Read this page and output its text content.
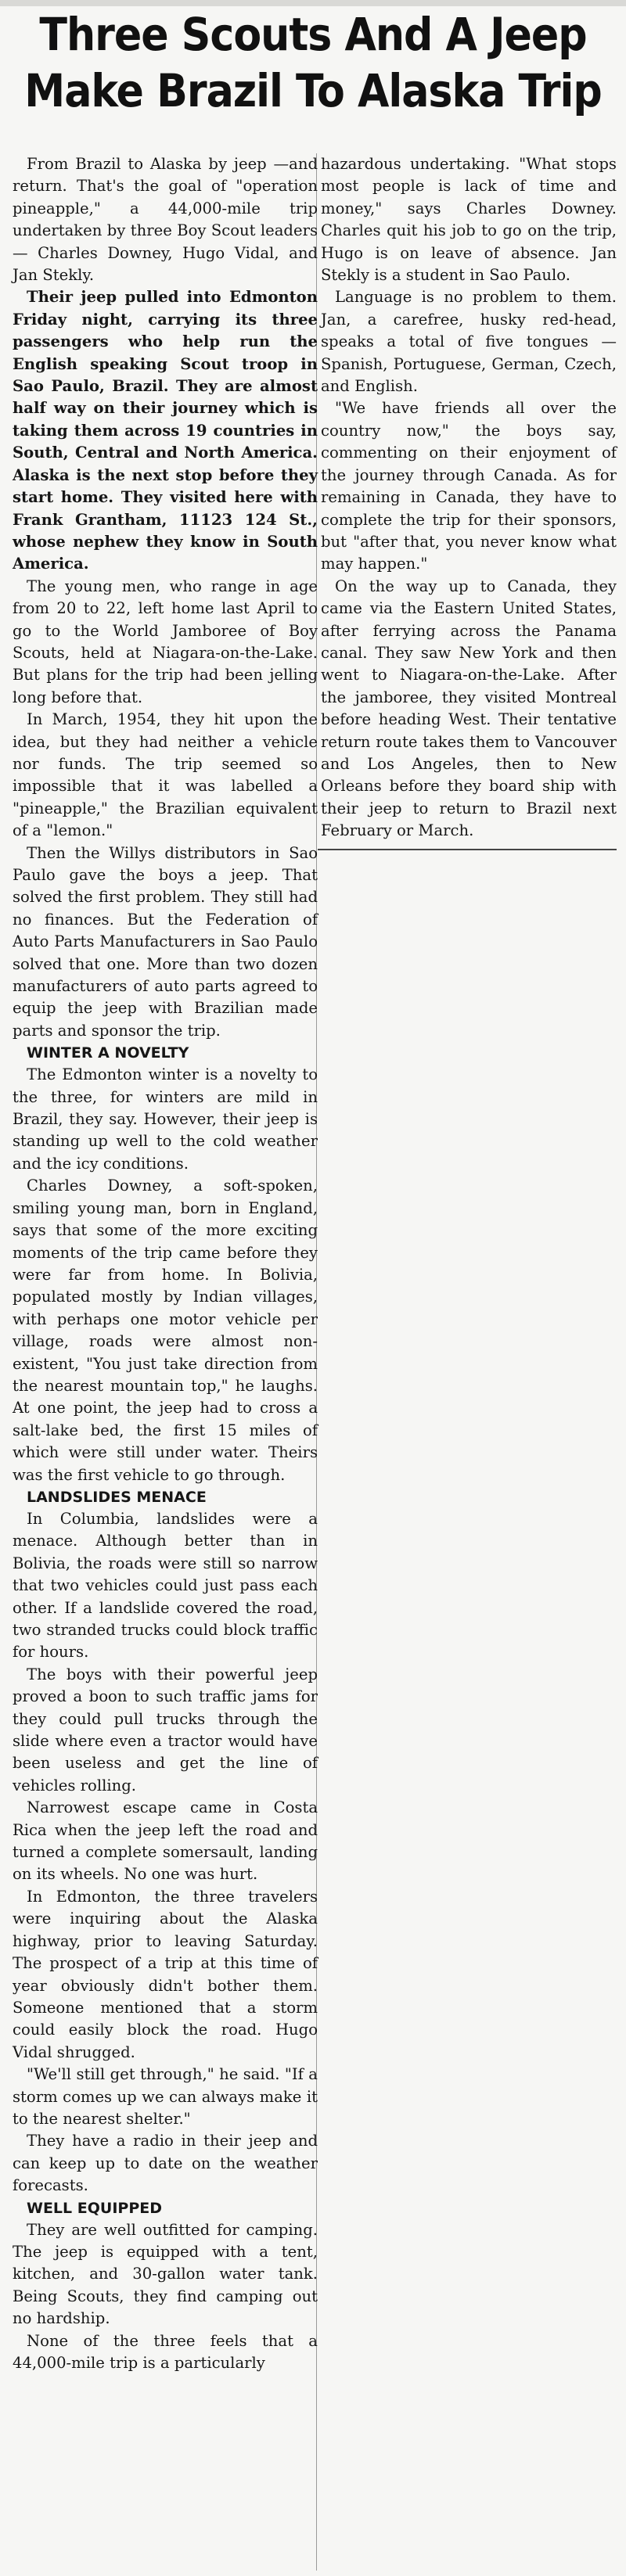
Three Scouts And A Jeep Make Brazil To Alaska Trip

From Brazil to Alaska by jeep —and return. That's the goal of "operation pineapple," a 44,000-mile trip undertaken by three Boy Scout leaders — Charles Downey, Hugo Vidal, and Jan Stekly.

Their jeep pulled into Edmonton Friday night, carrying its three passengers who help run the English speaking Scout troop in Sao Paulo, Brazil. They are almost half way on their journey which is taking them across 19 countries in South, Central and North America. Alaska is the next stop before they start home. They visited here with Frank Grantham, 11123 124 St., whose nephew they know in South America.

The young men, who range in age from 20 to 22, left home last April to go to the World Jamboree of Boy Scouts, held at Niagara-on-the-Lake. But plans for the trip had been jelling long before that.

In March, 1954, they hit upon the idea, but they had neither a vehicle nor funds. The trip seemed so impossible that it was labelled a "pineapple," the Brazilian equivalent of a "lemon."

Then the Willys distributors in Sao Paulo gave the boys a jeep. That solved the first problem. They still had no finances. But the Federation of Auto Parts Manufacturers in Sao Paulo solved that one. More than two dozen manufacturers of auto parts agreed to equip the jeep with Brazilian made parts and sponsor the trip.

WINTER A NOVELTY

The Edmonton winter is a novelty to the three, for winters are mild in Brazil, they say. However, their jeep is standing up well to the cold weather and the icy conditions.

Charles Downey, a soft-spoken, smiling young man, born in England, says that some of the more exciting moments of the trip came before they were far from home. In Bolivia, populated mostly by Indian villages, with perhaps one motor vehicle per village, roads were almost non-existent, "You just take direction from the nearest mountain top," he laughs. At one point, the jeep had to cross a salt-lake bed, the first 15 miles of which were still under water. Theirs was the first vehicle to go through.

LANDSLIDES MENACE

In Columbia, landslides were a menace. Although better than in Bolivia, the roads were still so narrow that two vehicles could just pass each other. If a landslide covered the road, two stranded trucks could block traffic for hours.

The boys with their powerful jeep proved a boon to such traffic jams for they could pull trucks through the slide where even a tractor would have been useless and get the line of vehicles rolling.

Narrowest escape came in Costa Rica when the jeep left the road and turned a complete somersault, landing on its wheels. No one was hurt.

In Edmonton, the three travelers were inquiring about the Alaska highway, prior to leaving Saturday. The prospect of a trip at this time of year obviously didn't bother them. Someone mentioned that a storm could easily block the road. Hugo Vidal shrugged.

"We'll still get through," he said. "If a storm comes up we can always make it to the nearest shelter."

They have a radio in their jeep and can keep up to date on the weather forecasts.

WELL EQUIPPED

They are well outfitted for camping. The jeep is equipped with a tent, kitchen, and 30-gallon water tank. Being Scouts, they find camping out no hardship.

None of the three feels that a 44,000-mile trip is a particularly

hazardous undertaking. "What stops most people is lack of time and money," says Charles Downey. Charles quit his job to go on the trip, Hugo is on leave of absence. Jan Stekly is a student in Sao Paulo.

Language is no problem to them. Jan, a carefree, husky red-head, speaks a total of five tongues — Spanish, Portuguese, German, Czech, and English.

"We have friends all over the country now," the boys say, commenting on their enjoyment of the journey through Canada. As for remaining in Canada, they have to complete the trip for their sponsors, but "after that, you never know what may happen."

On the way up to Canada, they came via the Eastern United States, after ferrying across the Panama canal. They saw New York and then went to Niagara-on-the-Lake. After the jamboree, they visited Montreal before heading West. Their tentative return route takes them to Vancouver and Los Angeles, then to New Orleans before they board ship with their jeep to return to Brazil next February or March.
